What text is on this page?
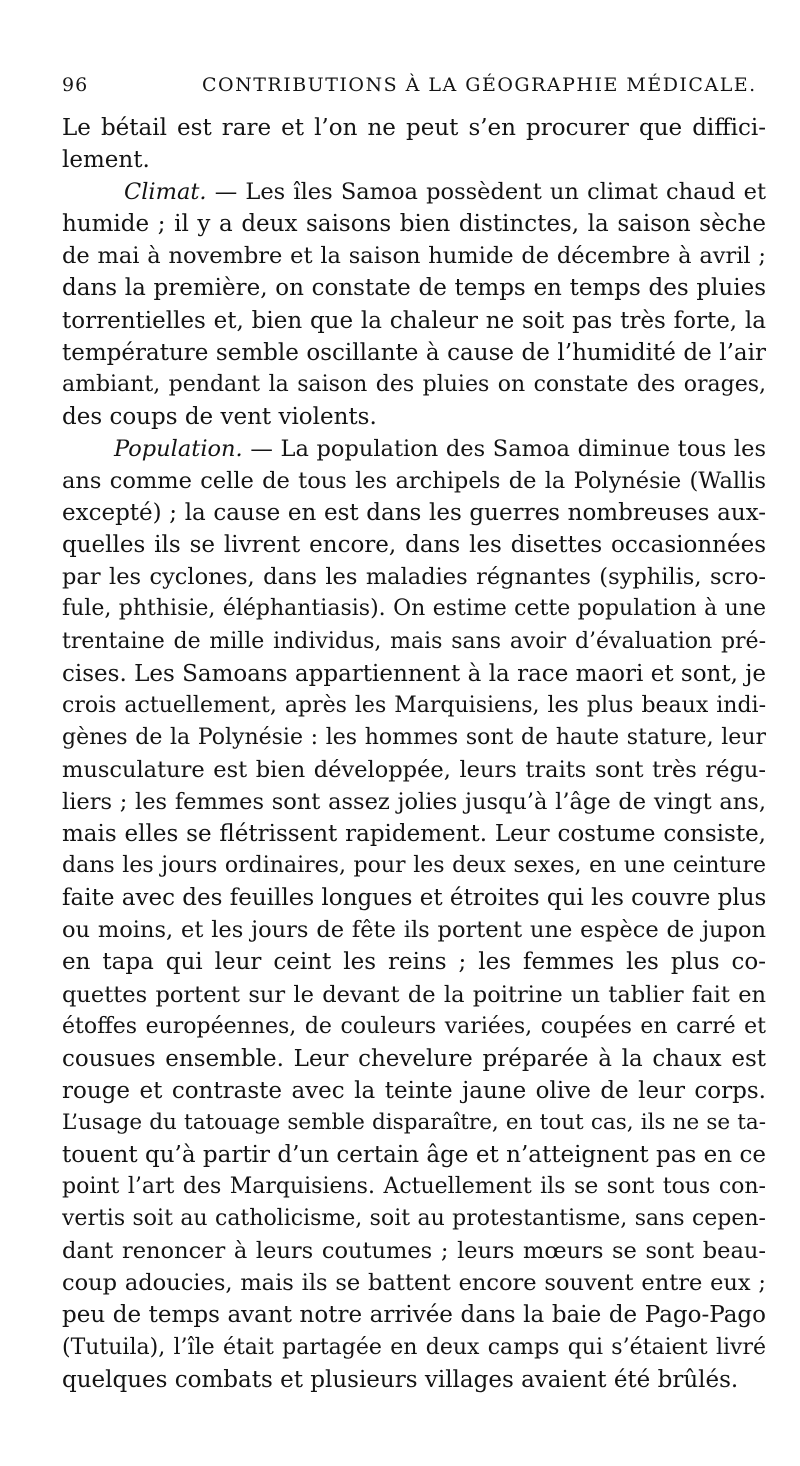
96	CONTRIBUTIONS À LA GÉOGRAPHIE MÉDICALE.
Le bétail est rare et l’on ne peut s’en procurer que diffici-
lement.
Climat. — Les îles Samoa possèdent un climat chaud et
humide ; il y a deux saisons bien distinctes, la saison sèche
de mai à novembre et la saison humide de décembre à avril ;
dans la première, on constate de temps en temps des pluies
torrentielles et, bien que la chaleur ne soit pas très forte, la
température semble oscillante à cause de l’humidité de l’air
ambiant, pendant la saison des pluies on constate des orages,
des coups de vent violents.
Population. — La population des Samoa diminue tous les
ans comme celle de tous les archipels de la Polynésie (Wallis
excepté) ; la cause en est dans les guerres nombreuses aux-
quelles ils se livrent encore, dans les disettes occasionnées
par les cyclones, dans les maladies régnantes (syphilis, scro-
fule, phthisie, éléphantiasis). On estime cette population à une
trentaine de mille individus, mais sans avoir d’évaluation pré-
cises. Les Samoans appartiennent à la race maori et sont, je
crois actuellement, après les Marquisiens, les plus beaux indi-
gènes de la Polynésie : les hommes sont de haute stature, leur
musculature est bien développée, leurs traits sont très régu-
liers ; les femmes sont assez jolies jusqu’à l’âge de vingt ans,
mais elles se flétrissent rapidement. Leur costume consiste,
dans les jours ordinaires, pour les deux sexes, en une ceinture
faite avec des feuilles longues et étroites qui les couvre plus
ou moins, et les jours de fête ils portent une espèce de jupon
en tapa qui leur ceint les reins ; les femmes les plus co-
quettes portent sur le devant de la poitrine un tablier fait en
étoffes européennes, de couleurs variées, coupées en carré et
cousues ensemble. Leur chevelure préparée à la chaux est
rouge et contraste avec la teinte jaune olive de leur corps.
L’usage du tatouage semble disparaître, en tout cas, ils ne se ta-
touent qu’à partir d’un certain âge et n’atteignent pas en ce
point l’art des Marquisiens. Actuellement ils se sont tous con-
vertis soit au catholicisme, soit au protestantisme, sans cepen-
dant renoncer à leurs coutumes ; leurs mœurs se sont beau-
coup adoucies, mais ils se battent encore souvent entre eux ;
peu de temps avant notre arrivée dans la baie de Pago-Pago
(Tutuila), l’île était partagée en deux camps qui s’étaient livré
quelques combats et plusieurs villages avaient été brûlés.
